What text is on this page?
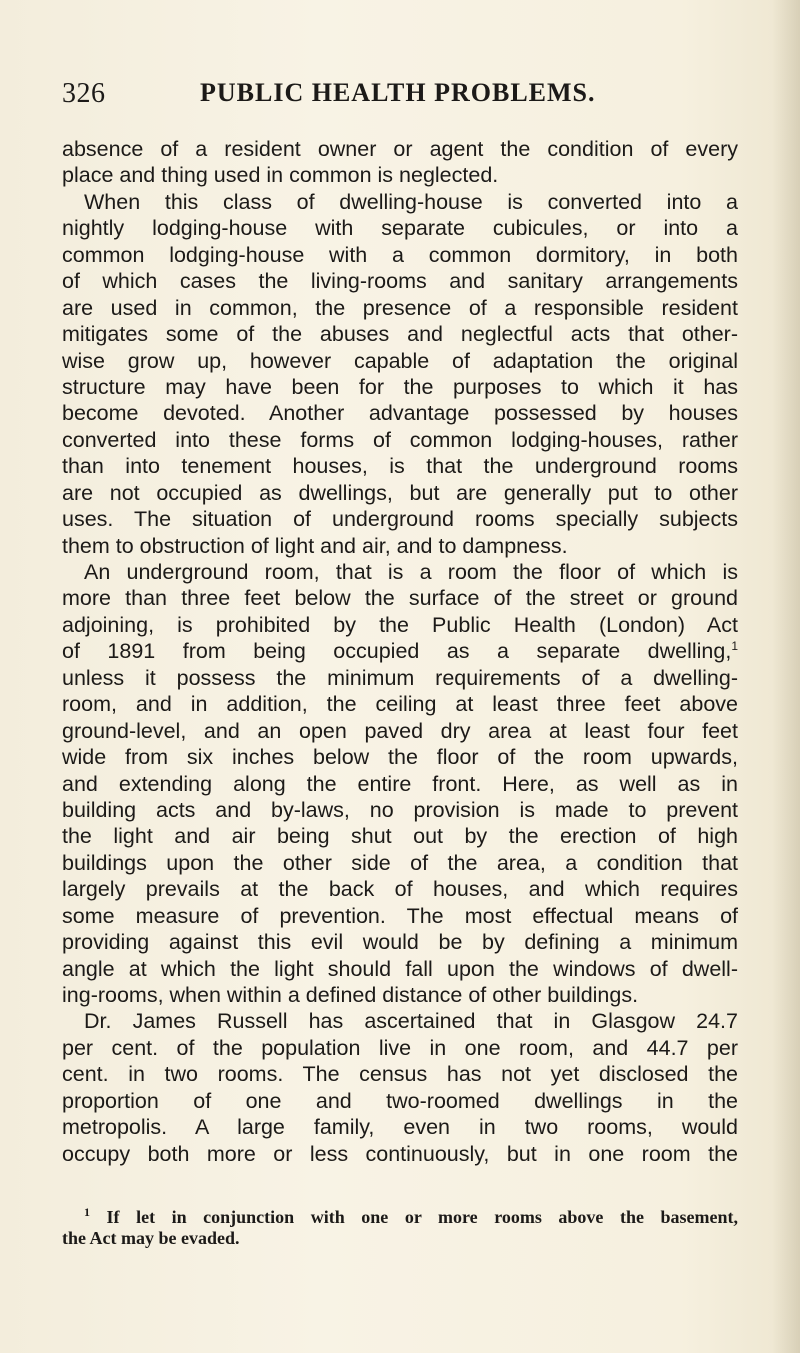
326	PUBLIC HEALTH PROBLEMS.
absence of a resident owner or agent the condition of every
place and thing used in common is neglected.
When this class of dwelling-house is converted into a
nightly lodging-house with separate cubicules, or into a
common lodging-house with a common dormitory, in both
of which cases the living-rooms and sanitary arrangements
are used in common, the presence of a responsible resident
mitigates some of the abuses and neglectful acts that other-
wise grow up, however capable of adaptation the original
structure may have been for the purposes to which it has
become devoted. Another advantage possessed by houses
converted into these forms of common lodging-houses, rather
than into tenement houses, is that the underground rooms
are not occupied as dwellings, but are generally put to other
uses. The situation of underground rooms specially subjects
them to obstruction of light and air, and to dampness.
An underground room, that is a room the floor of which is
more than three feet below the surface of the street or ground
adjoining, is prohibited by the Public Health (London) Act
of 1891 from being occupied as a separate dwelling,$^1$
unless it possess the minimum requirements of a dwelling-
room, and in addition, the ceiling at least three feet above
ground-level, and an open paved dry area at least four feet
wide from six inches below the floor of the room upwards,
and extending along the entire front. Here, as well as in
building acts and by-laws, no provision is made to prevent
the light and air being shut out by the erection of high
buildings upon the other side of the area, a condition that
largely prevails at the back of houses, and which requires
some measure of prevention. The most effectual means of
providing against this evil would be by defining a minimum
angle at which the light should fall upon the windows of dwell-
ing-rooms, when within a defined distance of other buildings.
Dr. James Russell has ascertained that in Glasgow 24.7
per cent. of the population live in one room, and 44.7 per
cent. in two rooms. The census has not yet disclosed the
proportion of one and two-roomed dwellings in the
metropolis. A large family, even in two rooms, would
occupy both more or less continuously, but in one room the
$^1$ If let in conjunction with one or more rooms above the basement,
the Act may be evaded.
